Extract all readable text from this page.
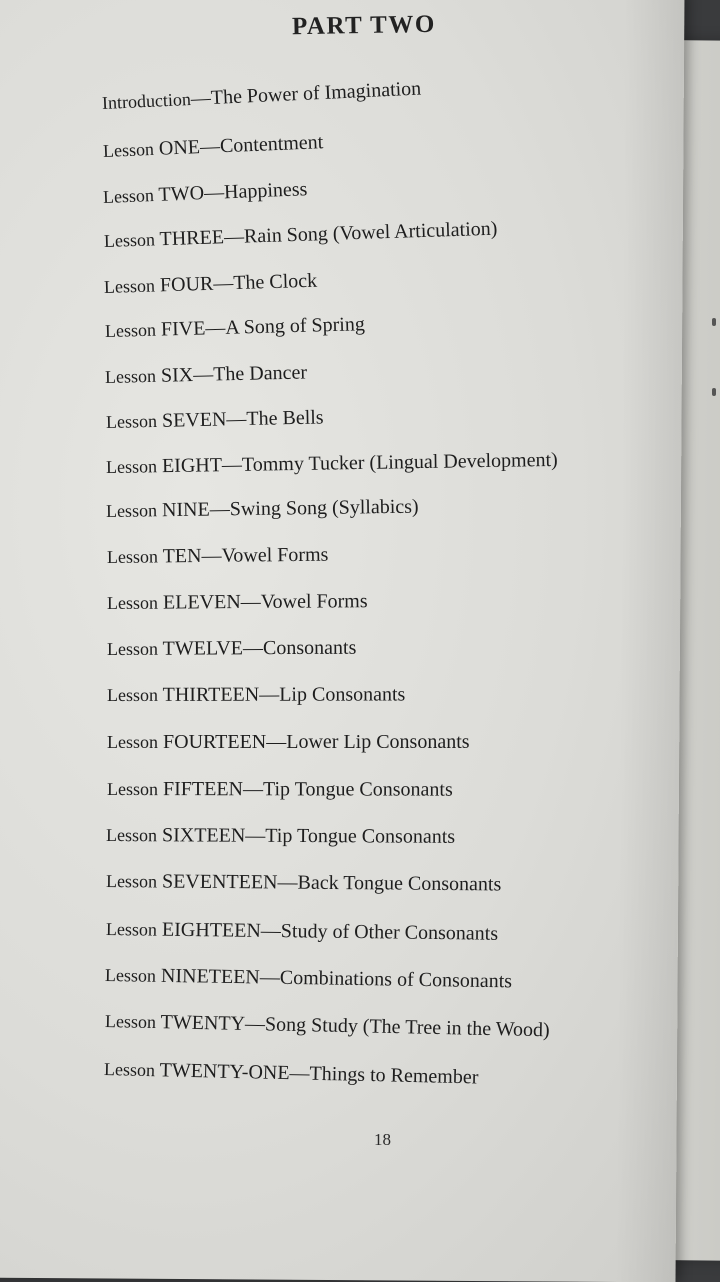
PART TWO
Introduction—The Power of Imagination
Lesson ONE—Contentment
Lesson TWO—Happiness
Lesson THREE—Rain Song (Vowel Articulation)
Lesson FOUR—The Clock
Lesson FIVE—A Song of Spring
Lesson SIX—The Dancer
Lesson SEVEN—The Bells
Lesson EIGHT—Tommy Tucker (Lingual Development)
Lesson NINE—Swing Song (Syllabics)
Lesson TEN—Vowel Forms
Lesson ELEVEN—Vowel Forms
Lesson TWELVE—Consonants
Lesson THIRTEEN—Lip Consonants
Lesson FOURTEEN—Lower Lip Consonants
Lesson FIFTEEN—Tip Tongue Consonants
Lesson SIXTEEN—Tip Tongue Consonants
Lesson SEVENTEEN—Back Tongue Consonants
Lesson EIGHTEEN—Study of Other Consonants
Lesson NINETEEN—Combinations of Consonants
Lesson TWENTY—Song Study (The Tree in the Wood)
Lesson TWENTY-ONE—Things to Remember
18
